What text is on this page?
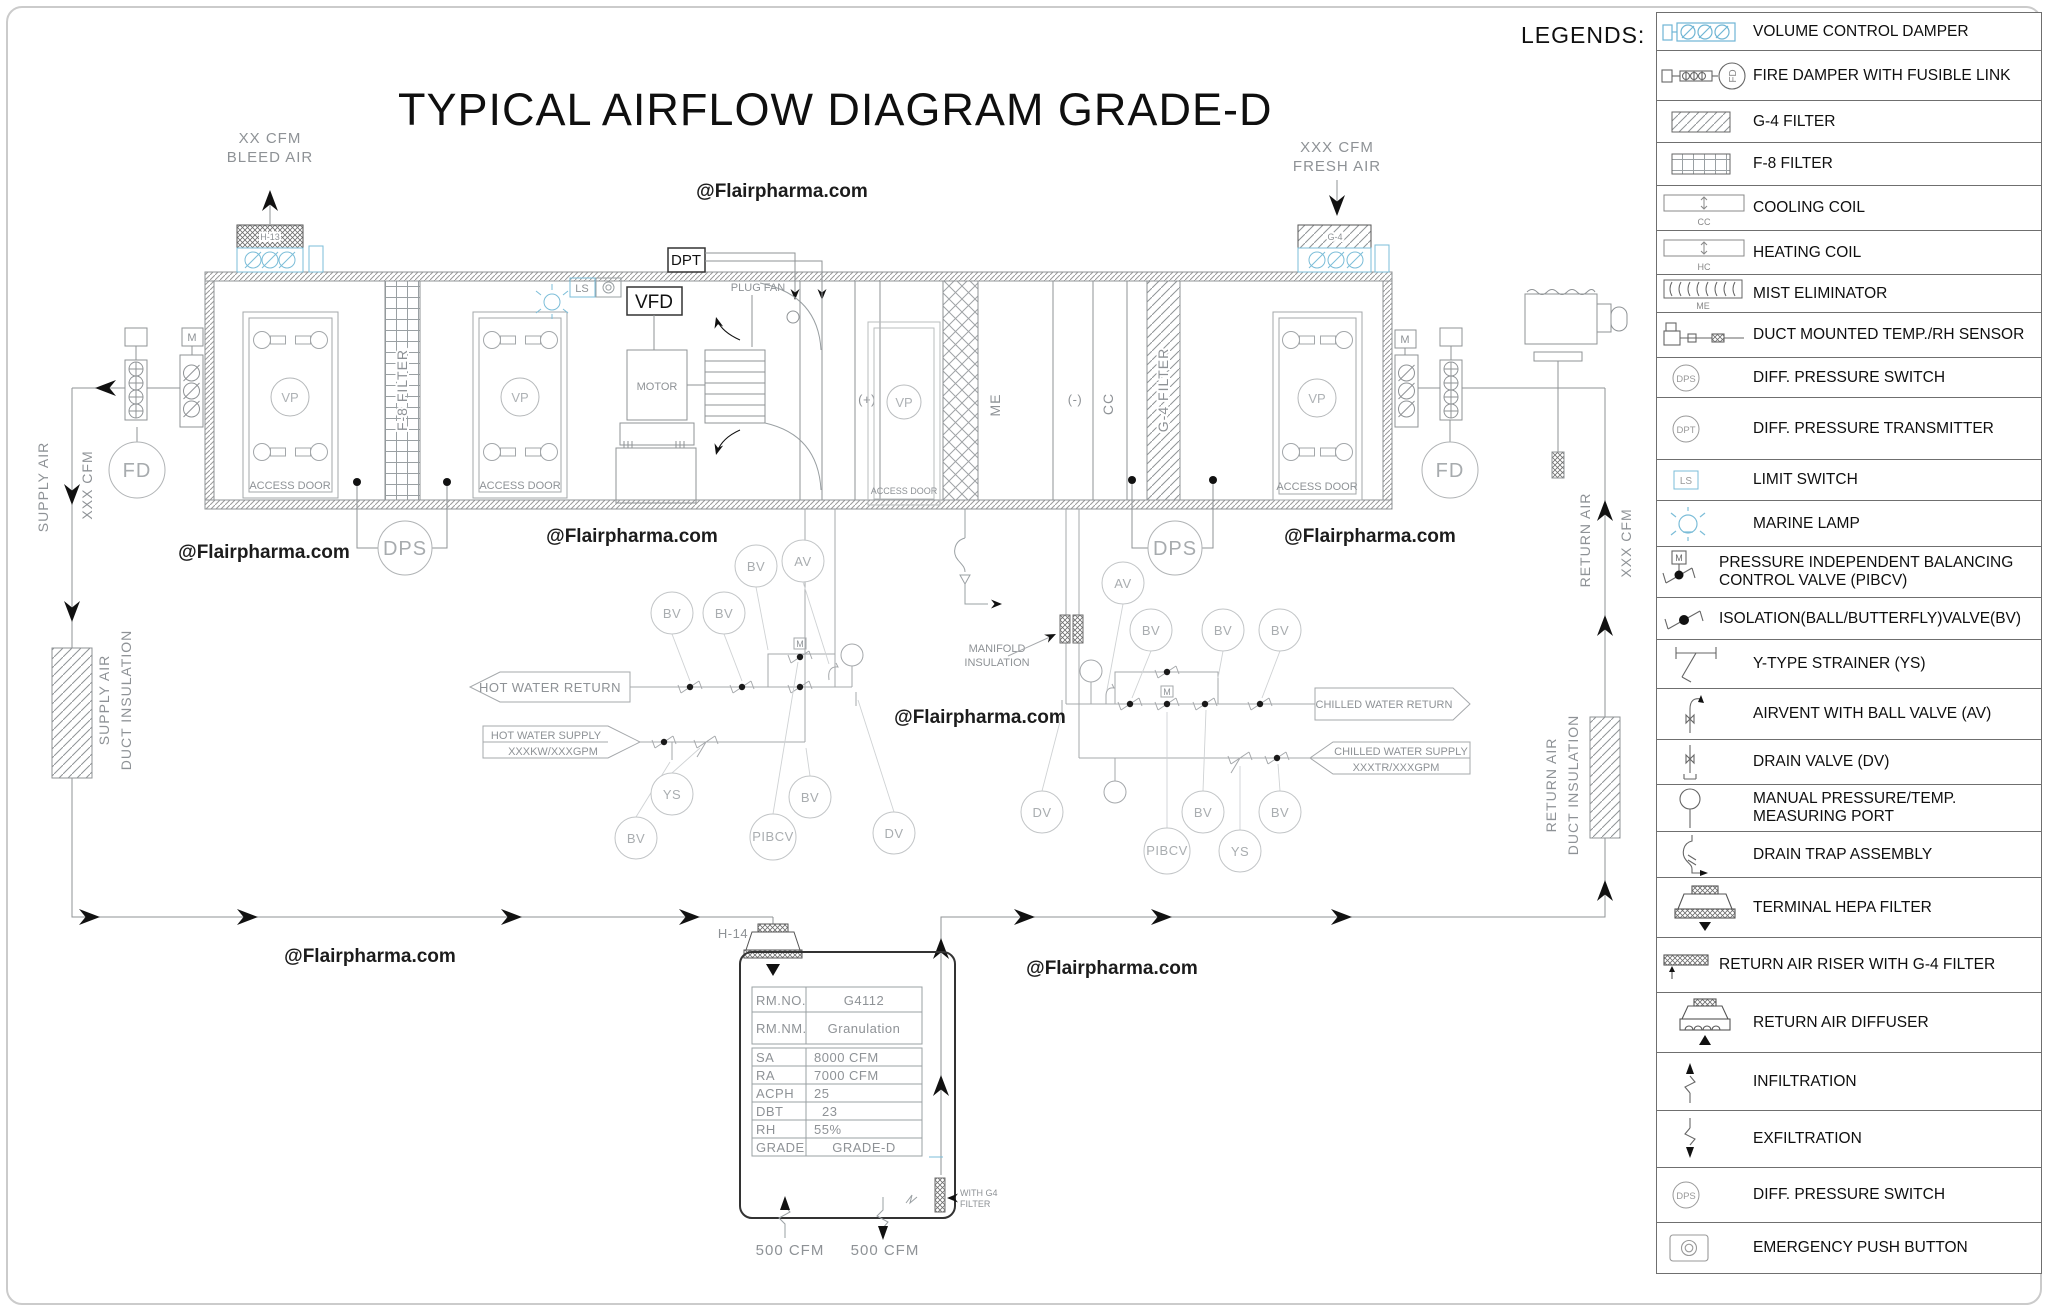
TYPICAL AIRFLOW DIAGRAM GRADE-D
LEGENDS:
XX CFM
BLEED AIR
H-13
XXX CFM
FRESH AIR
G-4
VP
ACCESS DOOR
F-8 FILTER	VP
ACCESS DOOR
LS
VFD
DPT
MOTOR
PLUG FAN
(+) VP
ACCESS DOOR
ME	(-) CC	G-4 FILTER	VP
ACCESS DOOR
M
FD
SUPPLY AIR XXX CFM
SUPPLY AIR DUCT INSULATION
M
FD
RETURN AIR XXX CFM
RETURN AIR DUCT INSULATION
DPS	DPS
HOT WATER RETURN
HOT WATER SUPPLY
XXXKW/XXXGPM
M
CHILLED WATER RETURN
CHILLED WATER SUPPLY
XXXTR/XXXGPM
M
MANIFOLD
INSULATION
AV
BV
BV	BV
YS	BV
BV	PIBCV	DV
AV
BV	BV	BV
DV	BV	BV
PIBCV	YS
H-14
RM.NO.	G4112
RM.NM. Granulation
SA	8000 CFM
RA	7000 CFM
ACPH 25
DBT	23
RH	55%
GRADE GRADE-D
WITH G4
FILTER
500 CFM 500 CFM
@Flairpharma.com
@Flairpharma.com
@Flairpharma.com
@Flairpharma.com
@Flairpharma.com
@Flairpharma.com
@Flairpharma.com
VOLUME CONTROL DAMPER
FD FIRE DAMPER WITH FUSIBLE LINK
G-4 FILTER
F-8 FILTER
CC
COOLING COIL
HC
HEATING COIL
ME
MIST ELIMINATOR
DUCT MOUNTED TEMP./RH SENSOR
DPS	DIFF. PRESSURE SWITCH
DPT	DIFF. PRESSURE TRANSMITTER
LS	LIMIT SWITCH
MARINE LAMP
M PRESSURE INDEPENDENT BALANCING CONTROL VALVE (PIBCV)
ISOLATION(BALL/BUTTERFLY)VALVE(BV)
Y-TYPE STRAINER (YS)
AIRVENT WITH BALL VALVE (AV)
DRAIN VALVE (DV)
MANUAL PRESSURE/TEMP. MEASURING PORT
DRAIN TRAP ASSEMBLY
TERMINAL HEPA FILTER
RETURN AIR RISER WITH G-4 FILTER
RETURN AIR DIFFUSER
INFILTRATION
EXFILTRATION
DPS	DIFF. PRESSURE SWITCH
EMERGENCY PUSH BUTTON
